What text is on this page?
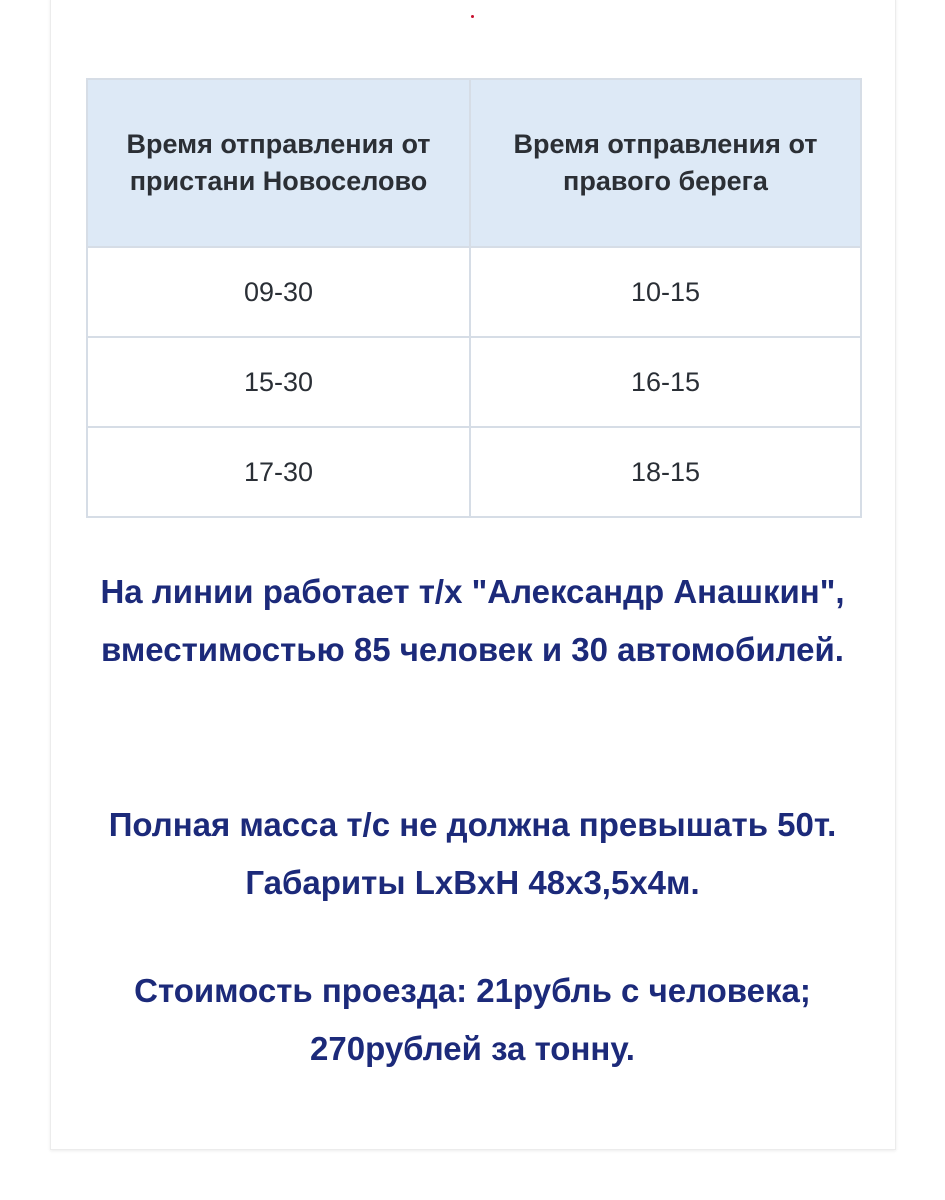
Время отправления от пристани Новоселово	Время отправления от правого берега
09-30	10-15
15-30	16-15
17-30	18-15
На линии работает т/х "Александр Анашкин", вместимостью 85 человек и 30 автомобилей.
Полная масса т/с не должна превышать 50т. Габариты LxBxH 48х3,5х4м.
Стоимость проезда: 21рубль с человека; 270рублей за тонну.
